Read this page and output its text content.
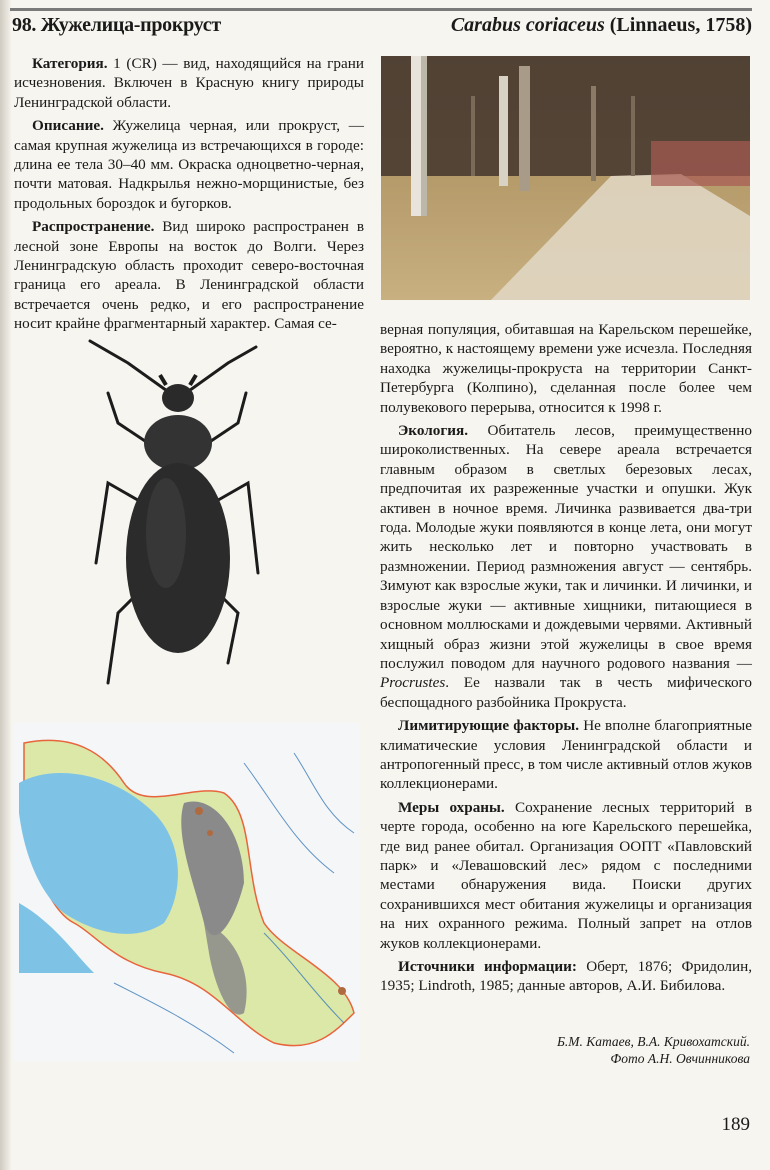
98. Жужелица-прокруст	Carabus coriaceus (Linnaeus, 1758)

Категория. 1 (CR) — вид, находящийся на грани исчезновения. Включен в Красную книгу природы Ленинградской области.

Описание. Жужелица черная, или прокруст, — самая крупная жужелица из встречающихся в городе: длина ее тела 30–40 мм. Окраска одноцветно-черная, почти матовая. Надкрылья нежно-морщинистые, без продольных бороздок и бугорков.

Распространение. Вид широко распространен в лесной зоне Европы на восток до Волги. Через Ленинградскую область проходит северо-восточная граница его ареала. В Ленинградской области встречается очень редко, и его распространение носит крайне фрагментарный характер. Самая се-	верная популяция, обитавшая на Карельском перешейке, вероятно, к настоящему времени уже исчезла. Последняя находка жужелицы-прокруста на территории Санкт-Петербурга (Колпино), сделанная после более чем полувекового перерыва, относится к 1998 г.

Экология. Обитатель лесов, преимущественно широколиственных. На севере ареала встречается главным образом в светлых березовых лесах, предпочитая их разреженные участки и опушки. Жук активен в ночное время. Личинка развивается два-три года. Молодые жуки появляются в конце лета, они могут жить несколько лет и повторно участвовать в размножении. Период размножения август — сентябрь. Зимуют как взрослые жуки, так и личинки. И личинки, и взрослые жуки — активные хищники, питающиеся в основном моллюсками и дождевыми червями. Активный хищный образ жизни этой жужелицы в свое время послужил поводом для научного родового названия — Procrustes. Ее назвали так в честь мифического беспощадного разбойника Прокруста.

Лимитирующие факторы. Не вполне благоприятные климатические условия Ленинградской области и антропогенный пресс, в том числе активный отлов жуков коллекционерами.

Меры охраны. Сохранение лесных территорий в черте города, особенно на юге Карельского перешейка, где вид ранее обитал. Организация ООПТ «Павловский парк» и «Левашовский лес» рядом с последними местами обнаружения вида. Поиски других сохранившихся мест обитания жужелицы и организация на них охранного режима. Полный запрет на отлов жуков коллекционерами.

Источники информации: Оберт, 1876; Фридолин, 1935; Lindroth, 1985; данные авторов, А.И. Бибилова.

Б.М. Катаев, В.А. Кривохатский.
Фото А.Н. Овчинникова
189
